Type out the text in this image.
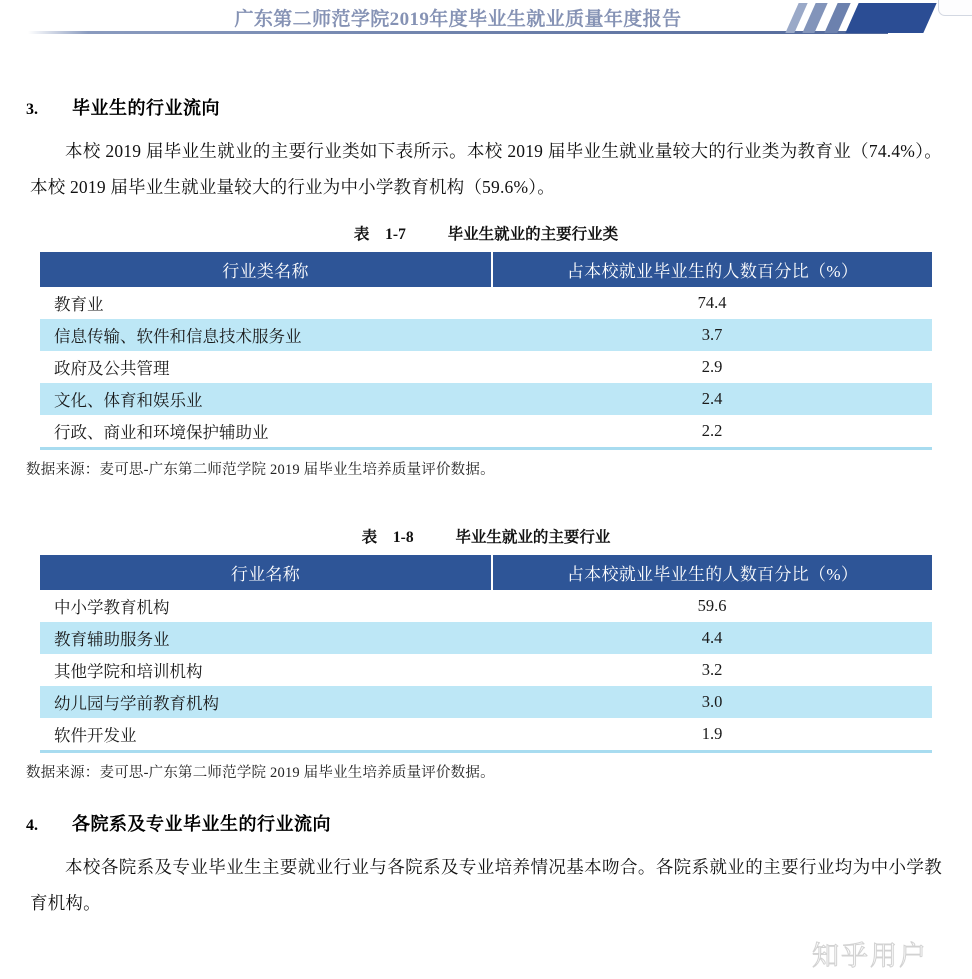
广东第二师范学院2019年度毕业生就业质量年度报告
3.	毕业生的行业流向

本校 2019 届毕业生就业的主要行业类如下表所示。本校 2019 届毕业生就业量较大的行业类为教育业（74.4%）。本校 2019 届毕业生就业量较大的行业为中小学教育机构（59.6%）。

表 1-7	毕业生就业的主要行业类
行业类名称	占本校就业毕业生的人数百分比（%）
教育业	74.4
信息传输、软件和信息技术服务业	3.7
政府及公共管理	2.9
文化、体育和娱乐业	2.4
行政、商业和环境保护辅助业	2.2
数据来源：麦可思-广东第二师范学院 2019 届毕业生培养质量评价数据。
表 1-8	毕业生就业的主要行业
行业名称	占本校就业毕业生的人数百分比（%）
中小学教育机构	59.6
教育辅助服务业	4.4
其他学院和培训机构	3.2
幼儿园与学前教育机构	3.0
软件开发业	1.9
数据来源：麦可思-广东第二师范学院 2019 届毕业生培养质量评价数据。
4.	各院系及专业毕业生的行业流向

本校各院系及专业毕业生主要就业行业与各院系及专业培养情况基本吻合。各院系就业的主要行业均为中小学教育机构。

知乎用户
